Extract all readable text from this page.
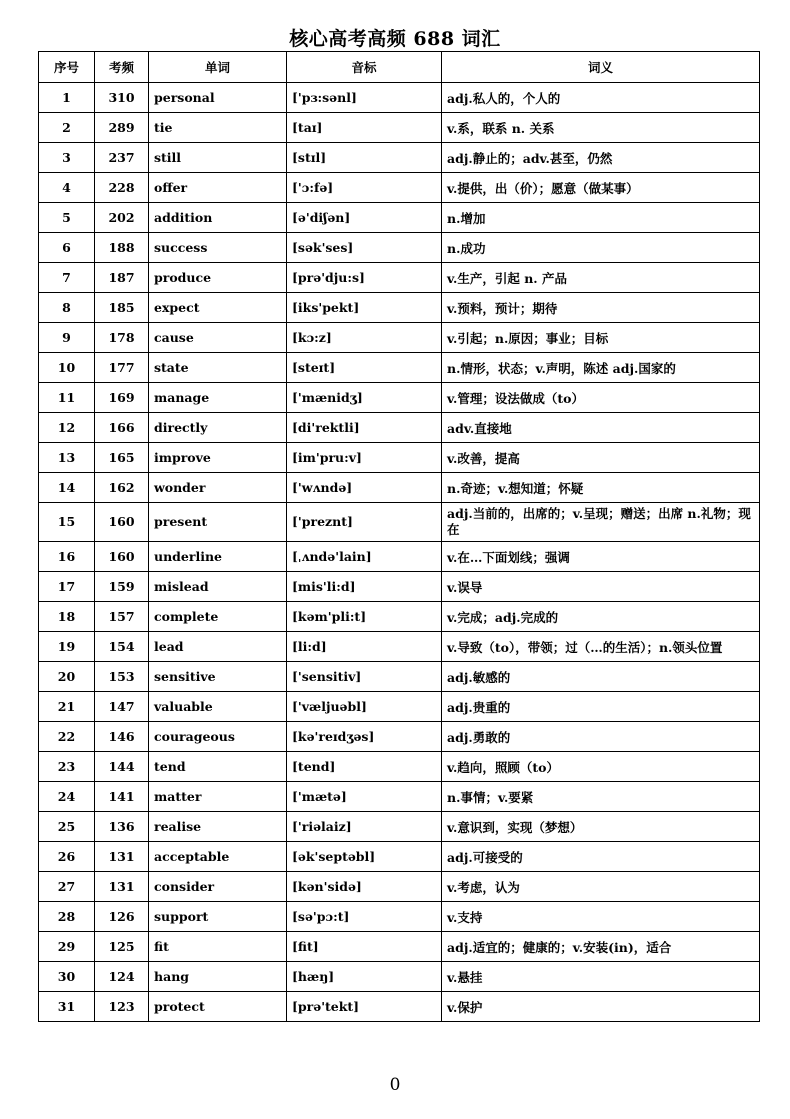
核心高考高频 688 词汇
序号	考频	单词	音标	词义
1	310	personal	['pɜ:sənl]	adj.私人的，个人的
2	289	tie	[taɪ]	v.系，联系 n. 关系
3	237	still	[stɪl]	adj.静止的；adv.甚至，仍然
4	228	offer	['ɔ:fə]	v.提供，出（价）；愿意（做某事）
5	202	addition	[ə'diʃən]	n.增加
6	188	success	[sək'ses]	n.成功
7	187	produce	[prə'dju:s]	v.生产，引起 n. 产品
8	185	expect	[iks'pekt]	v.预料，预计；期待
9	178	cause	[kɔ:z]	v.引起；n.原因；事业；目标
10	177	state	[steɪt]	n.情形，状态；v.声明，陈述 adj.国家的
11	169	manage	['mænidʒ]	v.管理；设法做成（to）
12	166	directly	[di'rektli]	adv.直接地
13	165	improve	[im'pru:v]	v.改善，提高
14	162	wonder	['wʌndə]	n.奇迹；v.想知道；怀疑
15	160	present	['preznt]	adj.当前的，出席的；v.呈现；赠送；出席 n.礼物；现在
16	160	underline	[ˌʌndə'lain]	v.在…下面划线；强调
17	159	mislead	[mis'li:d]	v.误导
18	157	complete	[kəm'pli:t]	v.完成；adj.完成的
19	154	lead	[li:d]	v.导致（to），带领；过（…的生活）；n.领头位置
20	153	sensitive	['sensitiv]	adj.敏感的
21	147	valuable	['væljuəbl]	adj.贵重的
22	146	courageous	[kə'reɪdʒəs]	adj.勇敢的
23	144	tend	[tend]	v.趋向，照顾（to）
24	141	matter	['mætə]	n.事情；v.要紧
25	136	realise	['riəlaiz]	v.意识到，实现（梦想）
26	131	acceptable	[ək'septəbl]	adj.可接受的
27	131	consider	[kən'sidə]	v.考虑，认为
28	126	support	[sə'pɔ:t]	v.支持
29	125	fit	[fit]	adj.适宜的；健康的；v.安装(in)，适合
30	124	hang	[hæŋ]	v.悬挂
31	123	protect	[prə'tekt]	v.保护
0
